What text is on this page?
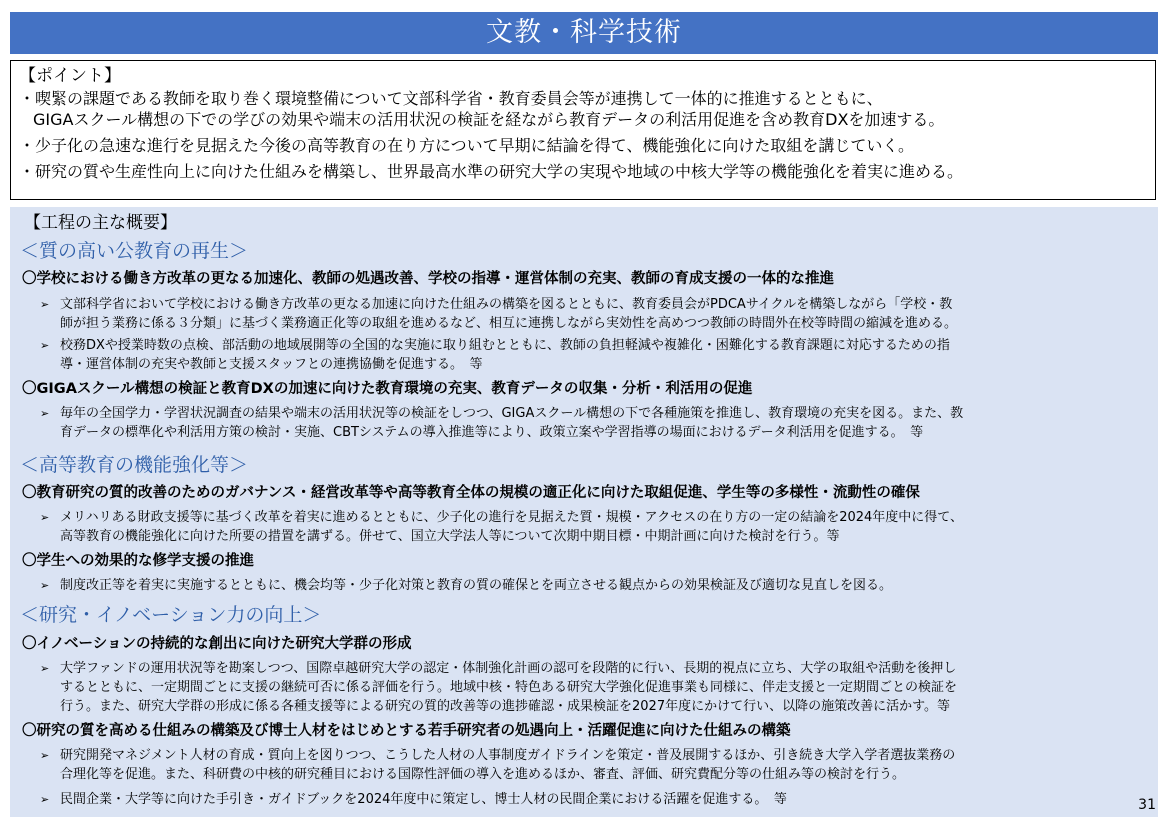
文教・科学技術
【ポイント】
・喫緊の課題である教師を取り巻く環境整備について文部科学省・教育委員会等が連携して一体的に推進するとともに、
GIGAスクール構想の下での学びの効果や端末の活用状況の検証を経ながら教育データの利活用促進を含め教育DXを加速する。
・少子化の急速な進行を見据えた今後の高等教育の在り方について早期に結論を得て、機能強化に向けた取組を講じていく。
・研究の質や生産性向上に向けた仕組みを構築し、世界最高水準の研究大学の実現や地域の中核大学等の機能強化を着実に進める。
【工程の主な概要】
＜質の高い公教育の再生＞
〇学校における働き方改革の更なる加速化、教師の処遇改善、学校の指導・運営体制の充実、教師の育成支援の一体的な推進
➢ 文部科学省において学校における働き方改革の更なる加速に向けた仕組みの構築を図るとともに、教育委員会がPDCAサイクルを構築しながら「学校・教
師が担う業務に係る３分類」に基づく業務適正化等の取組を進めるなど、相互に連携しながら実効性を高めつつ教師の時間外在校等時間の縮減を進める。
➢ 校務DXや授業時数の点検、部活動の地域展開等の全国的な実施に取り組むとともに、教師の負担軽減や複雑化・困難化する教育課題に対応するための指
導・運営体制の充実や教師と支援スタッフとの連携協働を促進する。　等
〇GIGAスクール構想の検証と教育DXの加速に向けた教育環境の充実、教育データの収集・分析・利活用の促進
➢ 毎年の全国学力・学習状況調査の結果や端末の活用状況等の検証をしつつ、GIGAスクール構想の下で各種施策を推進し、教育環境の充実を図る。また、教
育データの標準化や利活用方策の検討・実施、CBTシステムの導入推進等により、政策立案や学習指導の場面におけるデータ利活用を促進する。　等
＜高等教育の機能強化等＞
〇教育研究の質的改善のためのガバナンス・経営改革等や高等教育全体の規模の適正化に向けた取組促進、学生等の多様性・流動性の確保
➢ メリハリある財政支援等に基づく改革を着実に進めるとともに、少子化の進行を見据えた質・規模・アクセスの在り方の一定の結論を2024年度中に得て、
高等教育の機能強化に向けた所要の措置を講ずる。併せて、国立大学法人等について次期中期目標・中期計画に向けた検討を行う。等
〇学生への効果的な修学支援の推進
➢ 制度改正等を着実に実施するとともに、機会均等・少子化対策と教育の質の確保とを両立させる観点からの効果検証及び適切な見直しを図る。
＜研究・イノベーション力の向上＞
〇イノベーションの持続的な創出に向けた研究大学群の形成
➢ 大学ファンドの運用状況等を勘案しつつ、国際卓越研究大学の認定・体制強化計画の認可を段階的に行い、長期的視点に立ち、大学の取組や活動を後押し
するとともに、一定期間ごとに支援の継続可否に係る評価を行う。地域中核・特色ある研究大学強化促進事業も同様に、伴走支援と一定期間ごとの検証を
行う。また、研究大学群の形成に係る各種支援等による研究の質的改善等の進捗確認・成果検証を2027年度にかけて行い、以降の施策改善に活かす。等
〇研究の質を高める仕組みの構築及び博士人材をはじめとする若手研究者の処遇向上・活躍促進に向けた仕組みの構築
➢ 研究開発マネジメント人材の育成・質向上を図りつつ、こうした人材の人事制度ガイドラインを策定・普及展開するほか、引き続き大学入学者選抜業務の
合理化等を促進。また、科研費の中核的研究種目における国際性評価の導入を進めるほか、審査、評価、研究費配分等の仕組み等の検討を行う。
➢ 民間企業・大学等に向けた手引き・ガイドブックを2024年度中に策定し、博士人材の民間企業における活躍を促進する。　等	31
